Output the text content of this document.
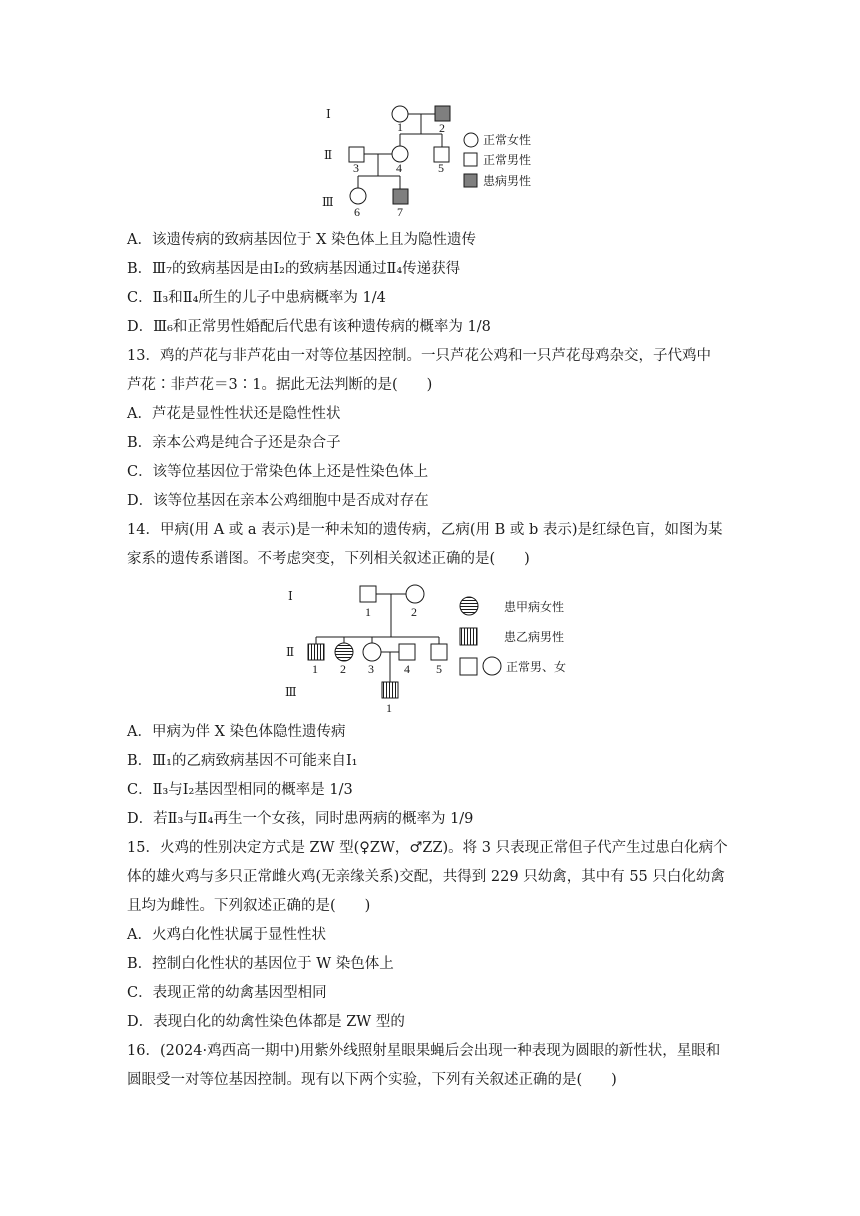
Ⅰ
Ⅱ
Ⅲ
1	2
3	4	5
6	7
正常女性
正常男性
患病男性
A．该遗传病的致病基因位于 X 染色体上且为隐性遗传
B．Ⅲ₇的致病基因是由Ⅰ₂的致病基因通过Ⅱ₄传递获得
C．Ⅱ₃和Ⅱ₄所生的儿子中患病概率为 1/4
D．Ⅲ₆和正常男性婚配后代患有该种遗传病的概率为 1/8
13．鸡的芦花与非芦花由一对等位基因控制。一只芦花公鸡和一只芦花母鸡杂交，子代鸡中
芦花∶非芦花＝3∶1。据此无法判断的是(　　)
A．芦花是显性性状还是隐性性状
B．亲本公鸡是纯合子还是杂合子
C．该等位基因位于常染色体上还是性染色体上
D．该等位基因在亲本公鸡细胞中是否成对存在
14．甲病(用 A 或 a 表示)是一种未知的遗传病，乙病(用 B 或 b 表示)是红绿色盲，如图为某
家系的遗传系谱图。不考虑突变，下列相关叙述正确的是(　　)
Ⅰ
Ⅱ
Ⅲ
1	2
1 2 3	4 5
1
患甲病女性
患乙病男性
正常男、女
A．甲病为伴 X 染色体隐性遗传病
B．Ⅲ₁的乙病致病基因不可能来自Ⅰ₁
C．Ⅱ₃与Ⅰ₂基因型相同的概率是 1/3
D．若Ⅱ₃与Ⅱ₄再生一个女孩，同时患两病的概率为 1/9
15．火鸡的性别决定方式是 ZW 型(♀ZW，♂ZZ)。将 3 只表现正常但子代产生过患白化病个
体的雄火鸡与多只正常雌火鸡(无亲缘关系)交配，共得到 229 只幼禽，其中有 55 只白化幼禽
且均为雌性。下列叙述正确的是(　　)
A．火鸡白化性状属于显性性状
B．控制白化性状的基因位于 W 染色体上
C．表现正常的幼禽基因型相同
D．表现白化的幼禽性染色体都是 ZW 型的
16．(2024·鸡西高一期中)用紫外线照射星眼果蝇后会出现一种表现为圆眼的新性状，星眼和
圆眼受一对等位基因控制。现有以下两个实验，下列有关叙述正确的是(　　)
